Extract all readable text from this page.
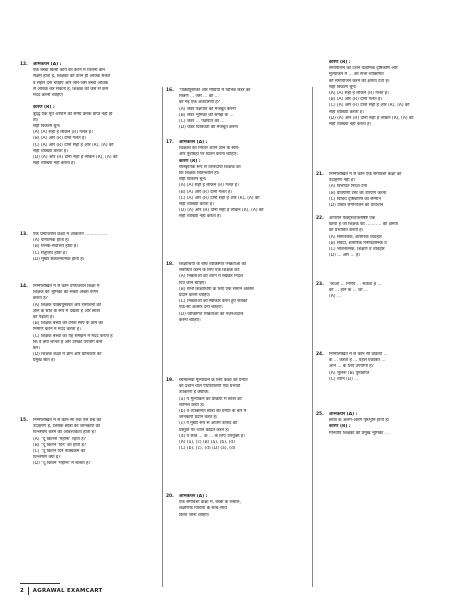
12. अभिकथन (A) :
एक बच्चा किसी कार्य को करने में जितना कम
सक्षम होता है, शिक्षकों को उतने ही अधिक संकेत
व सहारे देना चाहिए और जैसे-जैसे बच्चा अधिक
से अधिक कर सकता है, शिक्षक को कम से कम
मदद करनी चाहिए।
कारण (R) :
बुद्धि एक मूर्त आयाम की समग्र करके प्राप्त नहीं हो
ता।
सही विकल्प चुनें।
(A) (A) सही है लेकिन (R) गलत है।
(B) (A) और (R) दोनों गलत हैं।
(C) (A) और (R) दोनों सही हैं और (R), (A) की
सही व्याख्या करता है।
(D) (A) और (R) दोनों सही हैं लेकिन (R), (A) की
सही व्याख्या नहीं करता है।
13. एक प्रगतिशील कक्षा में आकलन ................
(A) योगात्मक होता है।
(B) मानक-संदर्भित होता है।
(C) संतुलित होता है।
(D) मुख्य संकलनात्मक होता है।
14. निम्नलिखित में से कौन प्रगतिशील शिक्षा में
शिक्षक की भूमिका का सबसे अच्छा वर्णन
करता है?
(A) शिक्षक पाठ्यपुस्तकों और संसाधनों को
ज्ञान के स्रोत के रूप में देखता है और छात्रों
को पढ़ाता है।
(B) शिक्षक बच्चों को उनके स्वयं के ज्ञान का
निर्माण करने में मदद करता है।
(C) शिक्षक बच्चों को यह समझने में मदद करता है
कि वे क्या जानते हैं और उसका उपयोग कैसे
करें।
(D) शिक्षक कक्षा में ज्ञान और प्राधिकार का
प्रमुख स्रोत है।
15. निम्नलिखित में से कौन-सा एक ऐसे प्रश्न का
उदाहरण है, जिसके छात्रों को जानकारी का
विश्लेषण करने की आवश्यकता होती है?
(A) "दू कितना 'महीना' रहता है?
(B) "दू कितने 'दिन' का होता है?
(C) "दू कितने दिन पाठ्यक्रम का
विश्लेषण क्या है?
(D) "दू कितने 'महीनों' में चलता है?
16. 'पाठ्यपुस्तकों और मीडिया में विभिन्न जेंडर का
चित्रण ... जैसे ... को ...'
की गई एक अवधारणा है?
(A) जेंडर पक्षपात को मजबूत करना
(B) जेंडर भूमिका की समझ के ...
(C) जेंडर ... पक्षपात का ...
(D) जेंडर विविधता को मजबूत करना
17. अभिकथन (A) :
शिक्षकों को निरंतर अपने ज्ञान के स्वयं-
और पूर्वाग्रहों पर चिंतन करना चाहिए।
कारण (R) :
सांस्कृतिक रूप से उत्तरदायी शिक्षक का
कि शिक्षक चिंतनशील हो।
सही विकल्प चुनें।
(A) (A) सही है लेकिन (R) गलत है।
(B) (A) और (R) दोनों गलत हैं।
(C) (A) और (R) दोनों सही हैं और (R), (A) की
सही व्याख्या करता है।
(D) (A) और (R) दोनों सही हैं लेकिन (R), (A) की
सही व्याख्या नहीं करता है।
18. शिक्षार्थियों के बीच व्यक्तिगत भिन्नताओं को
संबोधित करने के लिए एक शिक्षक को:
(A) भिन्नताओं को ध्यान में रखकर निर्देश
दिए जाने चाहिए।
(B) सभी शिक्षार्थियों के लिए एक समान अवसर
प्रदान करना चाहिए।
(C) भिन्नताओं को स्वीकार करते हुए सबको
एक-सा अवसर देना चाहिए।
(D) व्यक्तिगत भिन्नताओं को नज़रअंदाज
करना चाहिए।
19. रचनात्मक मूल्यांकन के लिए कक्षा की प्रगति
को दर्शाने वाले पोर्टफोलियो एक प्रभावी
उपकरण हैं क्योंकि:
(a) ये मूल्यांकन की प्रक्रिया में छात्रों को
शामिल करते हैं।
(b) ये व्यक्तिगत छात्रों की प्रगति के बारे में
जानकारी प्रदान करते हैं।
(c) ये मुख्य रूप से अंतिम उत्पाद की
प्रस्तुति पर ध्यान केंद्रित करते हैं।
(d) ये छात्र ... के ... के लिए उपयुक्त हैं।
(A) (a), (c) (B) (a), (b), (d)
(C) (b), (c), (d) (D) (a), (d)
20. अभिकथन (A) :
एक समावेशी कक्षा में, बच्चों के लचीले,
शैक्षणिक विधियों के साथ-साथ
किया जाना चाहिए।
कारण (R) :
समायोजन का दर्शन वैज्ञानिक दृष्टिकोण और
मूल्यांकन में ... की सभी व्यक्तिगत
को समायोजन करने की क्षमता देता है।
सही विकल्प चुनें।
(A) (A) सही है लेकिन (R) गलत है।
(B) (A) और (R) दोनों गलत हैं।
(C) (A) और (R) दोनों सही हैं और (R), (A) की
सही व्याख्या करता है।
(D) (A) और (R) दोनों सही हैं लेकिन (R), (A) की
सही व्याख्या नहीं करता है।
21. निम्नलिखित में से कौन एक समावेशी कक्षा का
उदाहरण नहीं है?
(A) विभेदित निर्देश देना
(B) प्रतियोगी टेस्ट का उपयोग करना
(C) विविध दृष्टिकोणों का सम्मान
(D) उचित समायोजन का प्रावधान
22. आपरान फैक्ट्स/विशेषिष्ट एक
क्रिया हैं जो शिक्षक को ........... की क्षमता
को प्रभावित करती है।
(A) सामाजिक, शारीरिक व्यवहार
(B) संवेदी, शारीरिक मनोवैज्ञानिक व
(C) भावनात्मक, शिक्षण व व्यवहार
(D) ... और ... हैं।
23. 'जाओ ... निर्णय ... सकता है ...
को ... होने के ... जो ...
(A) ...
24. निम्नलिखित में से कौन सी प्रक्रिया ...
के ... करता है ... पहले एकत्रित ...
आने ... के लिए उपयोगी है?
(A) भूलना (B) पुनर्प्राप्ति
(C) ध्यान (D) ...
25. अभिकथन (A) :
छात्रों के अलग-अलग पृष्ठभूमि होती है।
कारण (R) :
मानवीय शिक्षकों की प्रमुख भूमिका ...
2 AGRAWAL EXAMCART
